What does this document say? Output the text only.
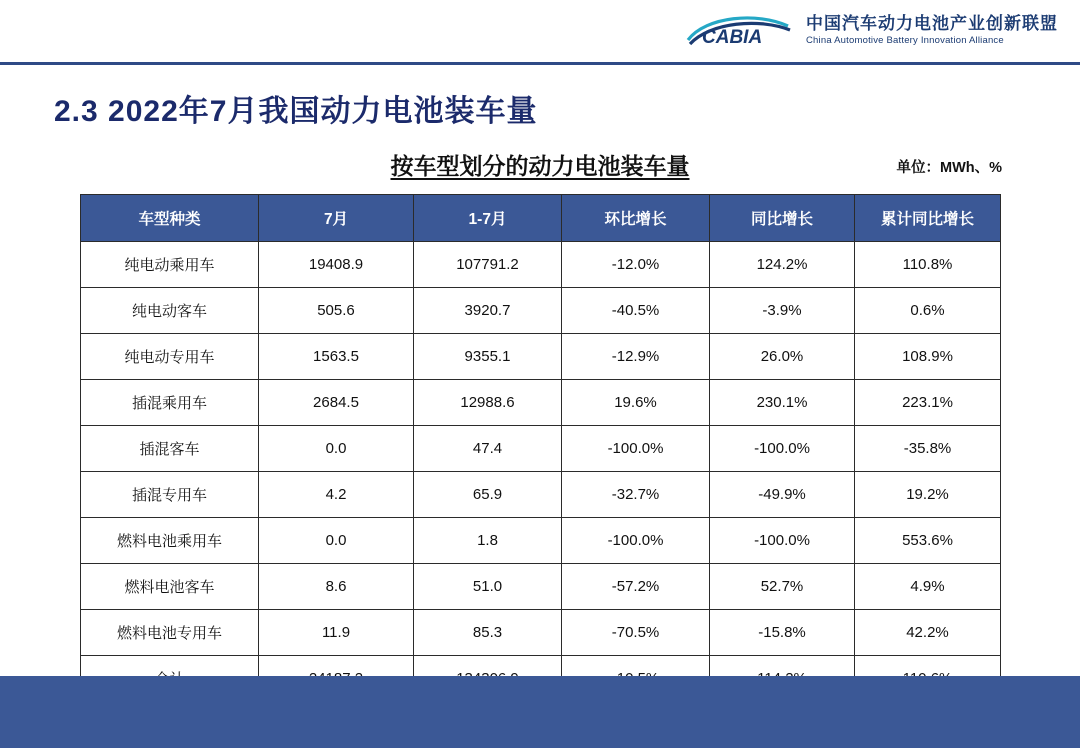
CABIA
中国汽车动力电池产业创新联盟
China Automotive Battery Innovation Alliance
2.3 2022年7月我国动力电池装车量
按车型划分的动力电池装车量	单位：MWh、%
车型种类	7月	1-7月	环比增长	同比增长	累计同比增长
纯电动乘用车	19408.9	107791.2	-12.0%	124.2%	110.8%
纯电动客车	505.6	3920.7	-40.5%	-3.9%	0.6%
纯电动专用车	1563.5	9355.1	-12.9%	26.0%	108.9%
插混乘用车	2684.5	12988.6	19.6%	230.1%	223.1%
插混客车	0.0	47.4	-100.0%	-100.0%	-35.8%
插混专用车	4.2	65.9	-32.7%	-49.9%	19.2%
燃料电池乘用车	0.0	1.8	-100.0%	-100.0%	553.6%
燃料电池客车	8.6	51.0	-57.2%	52.7%	4.9%
燃料电池专用车	11.9	85.3	-70.5%	-15.8%	42.2%
